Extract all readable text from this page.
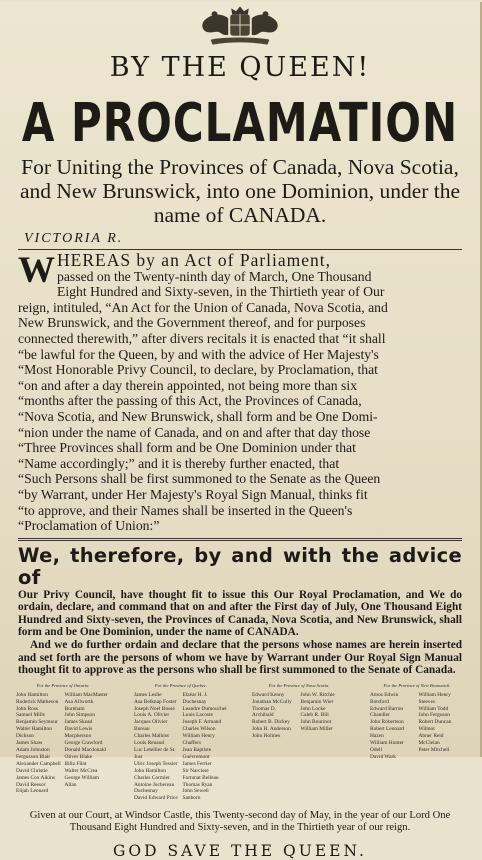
BY THE QUEEN!
A PROCLAMATION
For Uniting the Provinces of Canada, Nova Scotia, and New Brunswick, into one Dominion, under the name of CANADA.
VICTORIA R.
W HEREAS by an Act of Parliament,
passed on the Twenty-ninth day of March, One Thousand
Eight Hundred and Sixty-seven, in the Thirtieth year of Our
reign, intituled, “An Act for the Union of Canada, Nova Scotia, and
New Brunswick, and the Government thereof, and for purposes
connected therewith,” after divers recitals it is enacted that “it shall
“be lawful for the Queen, by and with the advice of Her Majesty's
“Most Honorable Privy Council, to declare, by Proclamation, that
“on and after a day therein appointed, not being more than six
“months after the passing of this Act, the Provinces of Canada,
“Nova Scotia, and New Brunswick, shall form and be One Domi-
“nion under the name of Canada, and on and after that day those
“Three Provinces shall form and be One Dominion under that
“Name accordingly;” and it is thereby further enacted, that
“Such Persons shall be first summoned to the Senate as the Queen
“by Warrant, under Her Majesty's Royal Sign Manual, thinks fit
“to approve, and their Names shall be inserted in the Queen's
“Proclamation of Union:”
We, therefore, by and with the advice of

Our Privy Council, have thought fit to issue this Our Royal Proclamation, and We do ordain, declare, and command that on and after the First day of July, One Thousand Eight Hundred and Sixty-seven, the Provinces of Canada, Nova Scotia, and New Brunswick, shall form and be One Dominion, under the name of CANADA.

And we do further ordain and declare that the persons whose names are herein inserted and set forth are the persons of whom we have by Warrant under Our Royal Sign Manual thought fit to approve as the persons who shall be first summoned to the Senate of Canada.

For the Province of Ontario.
John Hamilton
Roderick Matheson
John Ross
Samuel Mills
Benjamin Seymour
Walter Hamilton Dickson
James Shaw
Adam Johnston Fergusson Blair
Alexander Campbell
David Christie
James Cox Aikins
David Reesor
Elijah Leonard
William MacMaster
Asa Allworth Burnham
John Simpson
James Skead
David Lewis Macpherson
George Crawford
Donald Macdonald
Oliver Blake
Billa Flint
Walter McCrea
George William Allan
For the Province of Quebec.
James Leslie
Asa Belknap Foster
Joseph Noel Bossé
Louis A. Olivier
Jacques Olivier Bureau
Charles Malhiot
Louis Renaud
Luc Letellier de St. Just
Ulric Joseph Tessier
John Hamilton
Charles Cormier
Antoine Juchereau Duchesnay
David Edward Price
Elzéar H. J. Duchesnay
Leandre Dumouchel
Louis Lacoste
Joseph F. Armand
Charles Wilson
William Henry Chaffers
Jean Baptiste Guévremont
James Ferrier
Sir Narcisse Fortunat Belleau
Thomas Ryan
John Sewell Sanborn
For the Province of Nova Scotia.
Edward Kenny
Jonathan McCully
Thomas D. Archibald
Robert B. Dickey
John H. Anderson
John Holmes
John W. Ritchie
Benjamin Wier
John Locke
Caleb R. Bill
John Bourinot
William Miller
For the Province of New Brunswick.
Amos Edwin Botsford
Edward Barron Chandler
John Robertson
Robert Leonard Hazen
William Hunter Odell
David Wark
William Henry Steeves
William Todd
John Ferguson
Robert Duncan Wilmot
Abner Reid McClelan
Peter Mitchell
Given at our Court, at Windsor Castle, this Twenty-second day of May, in the year of our Lord One Thousand Eight Hundred and Sixty-seven, and in the Thirtieth year of our reign.
GOD SAVE THE QUEEN.
